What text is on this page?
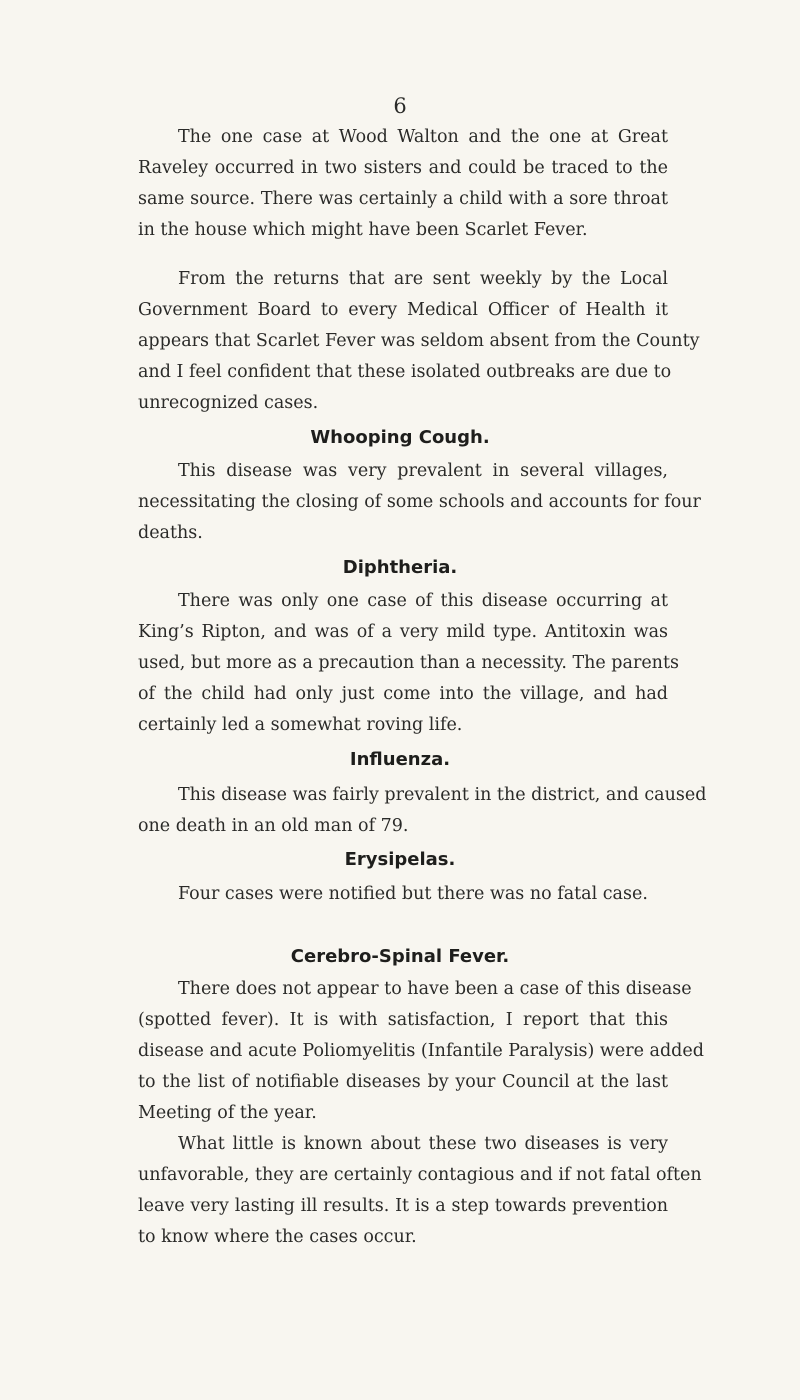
6
The one case at Wood Walton and the one at Great
Raveley occurred in two sisters and could be traced to the
same source. There was certainly a child with a sore throat
in the house which might have been Scarlet Fever.
From the returns that are sent weekly by the Local
Government Board to every Medical Officer of Health it
appears that Scarlet Fever was seldom absent from the County
and I feel confident that these isolated outbreaks are due to
unrecognized cases.
Whooping Cough.
This disease was very prevalent in several villages,
necessitating the closing of some schools and accounts for four
deaths.
Diphtheria.
There was only one case of this disease occurring at
King’s Ripton, and was of a very mild type. Antitoxin was
used, but more as a precaution than a necessity. The parents
of the child had only just come into the village, and had
certainly led a somewhat roving life.
Influenza.
This disease was fairly prevalent in the district, and caused
one death in an old man of 79.
Erysipelas.
Four cases were notified but there was no fatal case.
Cerebro-Spinal Fever.
There does not appear to have been a case of this disease
(spotted fever). It is with satisfaction, I report that this
disease and acute Poliomyelitis (Infantile Paralysis) were added
to the list of notifiable diseases by your Council at the last
Meeting of the year.
What little is known about these two diseases is very
unfavorable, they are certainly contagious and if not fatal often
leave very lasting ill results. It is a step towards prevention
to know where the cases occur.
